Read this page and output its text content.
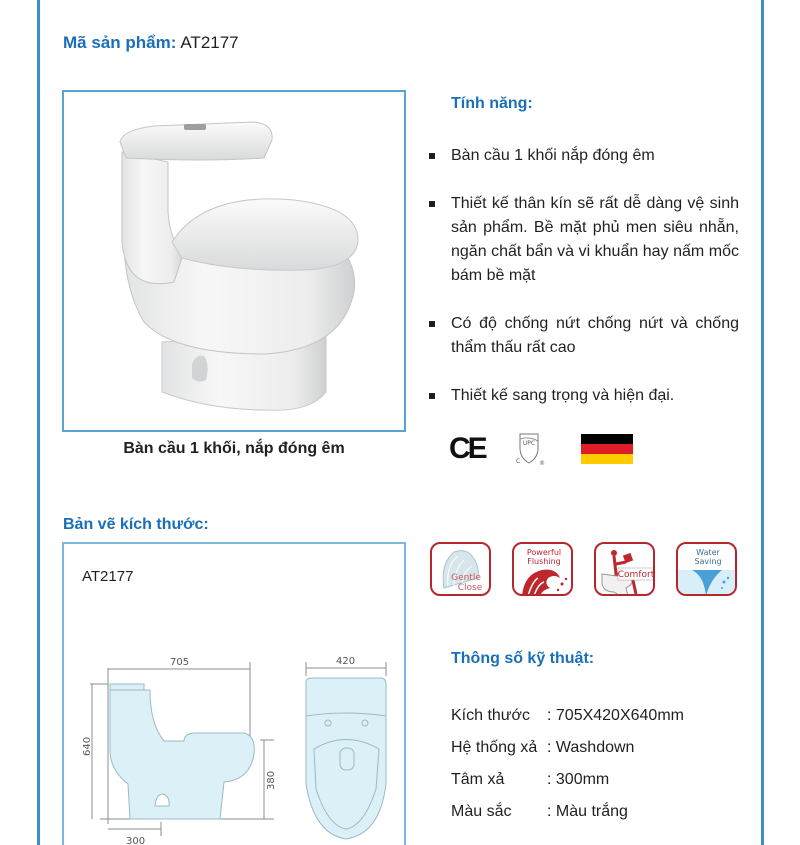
Mã sản phẩm: AT2177
Bàn cầu 1 khối, nắp đóng êm
Tính năng:
Bàn cầu 1 khối nắp đóng êm
Thiết kế thân kín sẽ rất dễ dàng vệ sinh sản phẩm. Bề mặt phủ men siêu nhẵn, ngăn chất bẩn và vi khuẩn hay nấm mốc bám bề mặt
Có độ chống nứt chống nứt và chống thẩm thấu rất cao
Thiết kế sang trọng và hiện đại.
CE	UPC
C	®
Bản vẽ kích thước:
AT2177
705
640
380
300
420
Gentle
Close
Powerful
Flushing
Comfort
Water
Saving
Thông số kỹ thuật:
Kích thước	: 705X420X640mm
Hệ thống xả : Washdown
Tâm xả	: 300mm
Màu sắc	: Màu trắng
